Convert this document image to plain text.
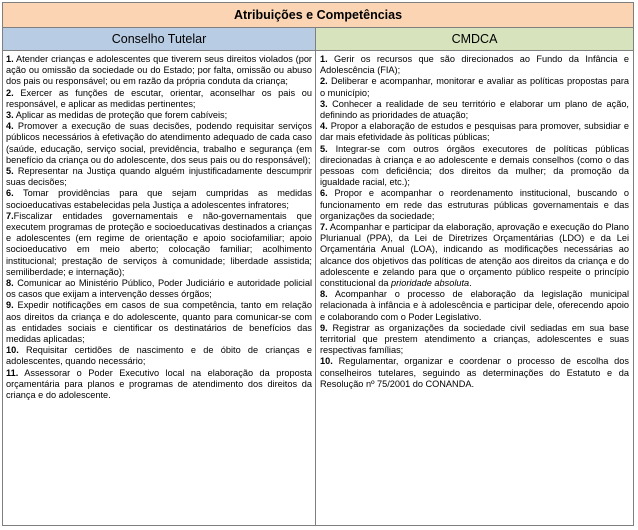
Atribuições e Competências
Conselho Tutelar	CMDCA

1. Atender crianças e adolescentes que tiverem seus direitos violados (por ação ou omissão da sociedade ou do Estado; por falta, omissão ou abuso dos pais ou responsável; ou em razão da própria conduta da criança;

2. Exercer as funções de escutar, orientar, aconselhar os pais ou responsável, e aplicar as medidas pertinentes;

3. Aplicar as medidas de proteção que forem cabíveis;

4. Promover a execução de suas decisões, podendo requisitar serviços públicos necessários à efetivação do atendimento adequado de cada caso (saúde, educação, serviço social, previdência, trabalho e segurança (em benefício da criança ou do adolescente, dos seus pais ou do responsável);

5. Representar na Justiça quando alguém injustificadamente descumprir suas decisões;

6. Tomar providências para que sejam cumpridas as medidas socioeducativas estabelecidas pela Justiça a adolescentes infratores;

7.Fiscalizar entidades governamentais e não-governamentais que executem programas de proteção e socioeducativas destinados a crianças e adolescentes (em regime de orientação e apoio sociofamiliar; apoio socioeducativo em meio aberto; colocação familiar; acolhimento institucional; prestação de serviços à comunidade; liberdade assistida; semiliberdade; e internação);

8. Comunicar ao Ministério Público, Poder Judiciário e autoridade policial os casos que exijam a intervenção desses órgãos;

9. Expedir notificações em casos de sua competência, tanto em relação aos direitos da criança e do adolescente, quanto para comunicar-se com as entidades sociais e cientificar os destinatários de benefícios das medidas aplicadas;

10. Requisitar certidões de nascimento e de óbito de crianças e adolescentes, quando necessário;

11. Assessorar o Poder Executivo local na elaboração da proposta orçamentária para planos e programas de atendimento dos direitos da criança e do adolescente.

1. Gerir os recursos que são direcionados ao Fundo da Infância e Adolescência (FIA);

2. Deliberar e acompanhar, monitorar e avaliar as políticas propostas para o município;

3. Conhecer a realidade de seu território e elaborar um plano de ação, definindo as prioridades de atuação;

4. Propor a elaboração de estudos e pesquisas para promover, subsidiar e dar mais efetividade às políticas públicas;

5. Integrar-se com outros órgãos executores de políticas públicas direcionadas à criança e ao adolescente e demais conselhos (como o das pessoas com deficiência; dos direitos da mulher; da promoção da igualdade racial, etc.);

6. Propor e acompanhar o reordenamento institucional, buscando o funcionamento em rede das estruturas públicas governamentais e das organizações da sociedade;

7. Acompanhar e participar da elaboração, aprovação e execução do Plano Plurianual (PPA), da Lei de Diretrizes Orçamentárias (LDO) e da Lei Orçamentária Anual (LOA), indicando as modificações necessárias ao alcance dos objetivos das políticas de atenção aos direitos da criança e do adolescente e zelando para que o orçamento público respeite o princípio constitucional da prioridade absoluta.

8. Acompanhar o processo de elaboração da legislação municipal relacionada à infância e à adolescência e participar dele, oferecendo apoio e colaborando com o Poder Legislativo.

9. Registrar as organizações da sociedade civil sediadas em sua base territorial que prestem atendimento a crianças, adolescentes e suas respectivas famílias;

10. Regulamentar, organizar e coordenar o processo de escolha dos conselheiros tutelares, seguindo as determinações do Estatuto e da Resolução nº 75/2001 do CONANDA.
